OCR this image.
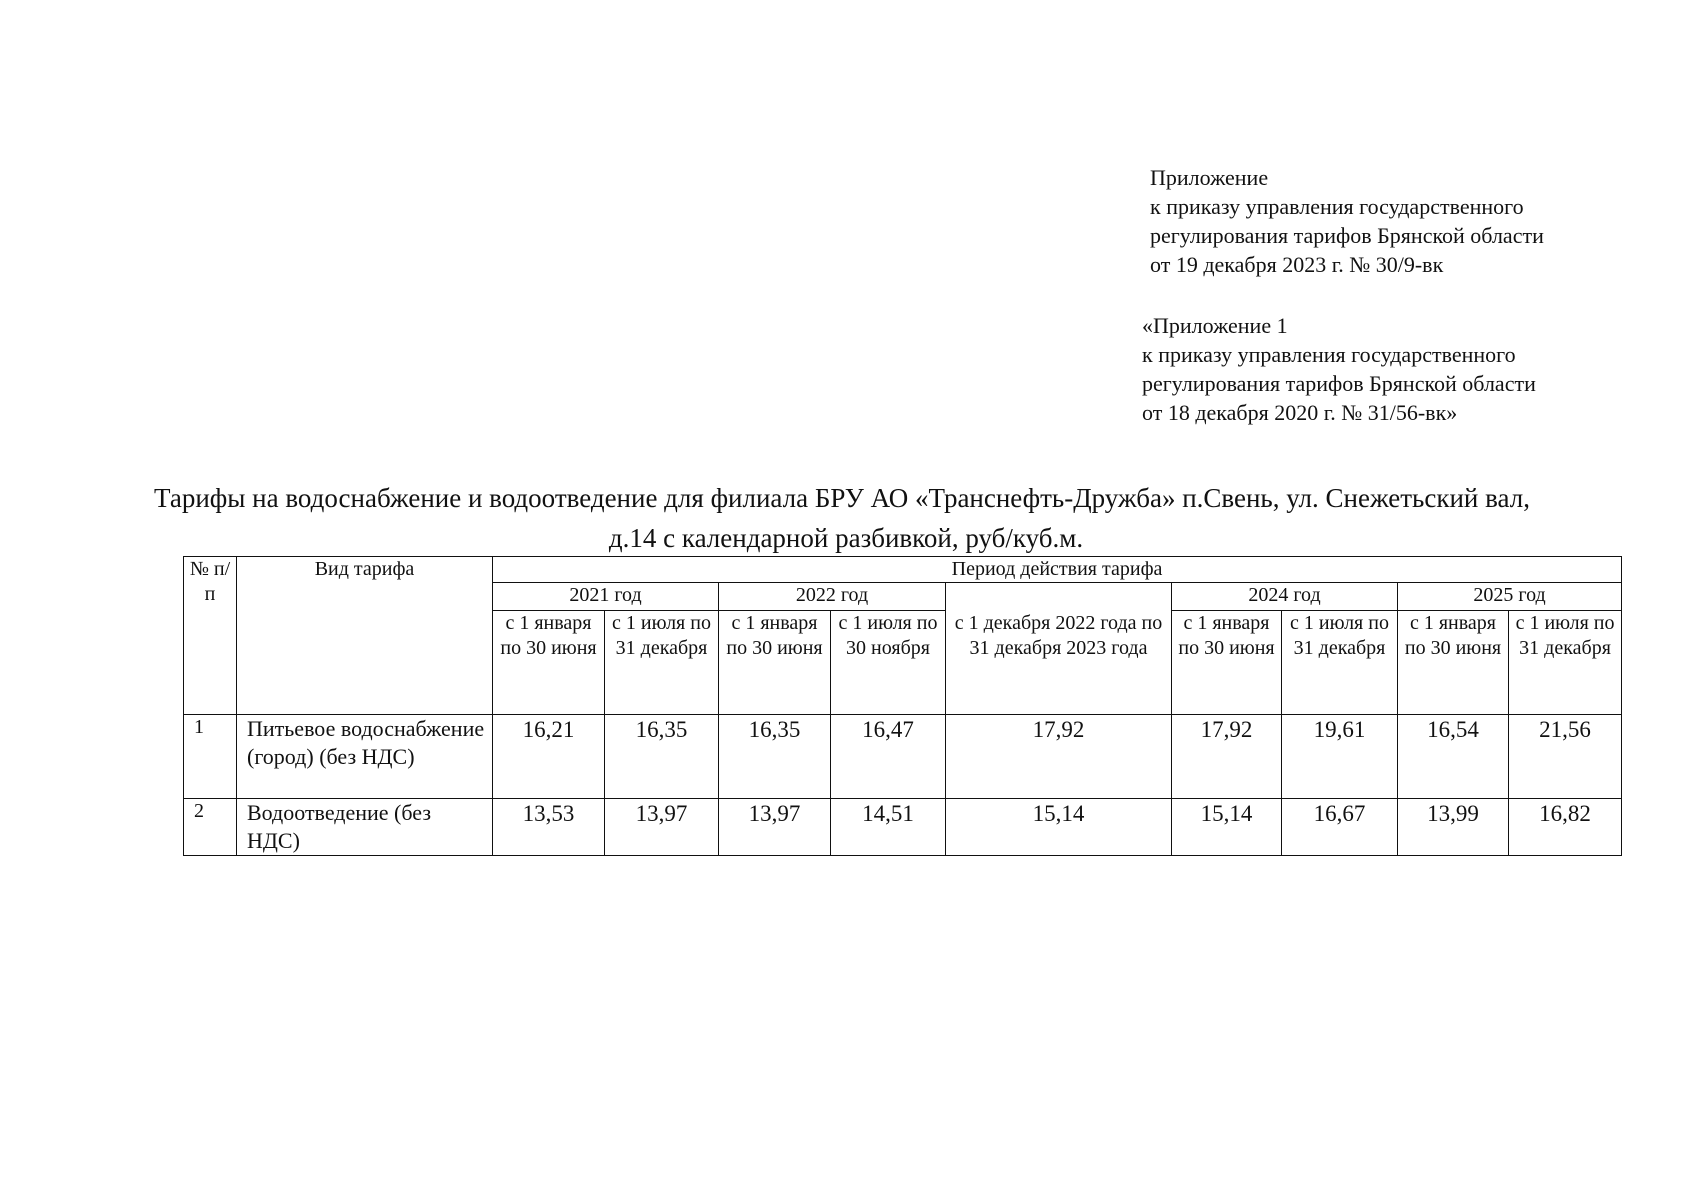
Приложение
к приказу управления государственного
регулирования тарифов Брянской области
от 19 декабря 2023 г. № 30/9-вк
«Приложение 1
к приказу управления государственного
регулирования тарифов Брянской области
от 18 декабря 2020 г. № 31/56-вк»
Тарифы на водоснабжение и водоотведение для филиала БРУ АО «Транснефть-Дружба» п.Свень, ул. Снежетьский вал,
д.14 с календарной разбивкой, руб/куб.м.
№ п/п	Вид тарифа	Период действия тарифа								
		2021 год		2022 год		с 1 декабря 2022 года по 31 декабря 2023 года	2024 год		2025 год	
		с 1 января по 30 июня	с 1 июля по 31 декабря	с 1 января по 30 июня	с 1 июля по 30 ноября		с 1 января по 30 июня	с 1 июля по 31 декабря	с 1 января по 30 июня	с 1 июля по 31 декабря
1	Питьевое водоснабжение (город) (без НДС)	16,21	16,35	16,35	16,47	17,92	17,92	19,61	16,54	21,56
2	Водоотведение (без НДС)	13,53	13,97	13,97	14,51	15,14	15,14	16,67	13,99	16,82
